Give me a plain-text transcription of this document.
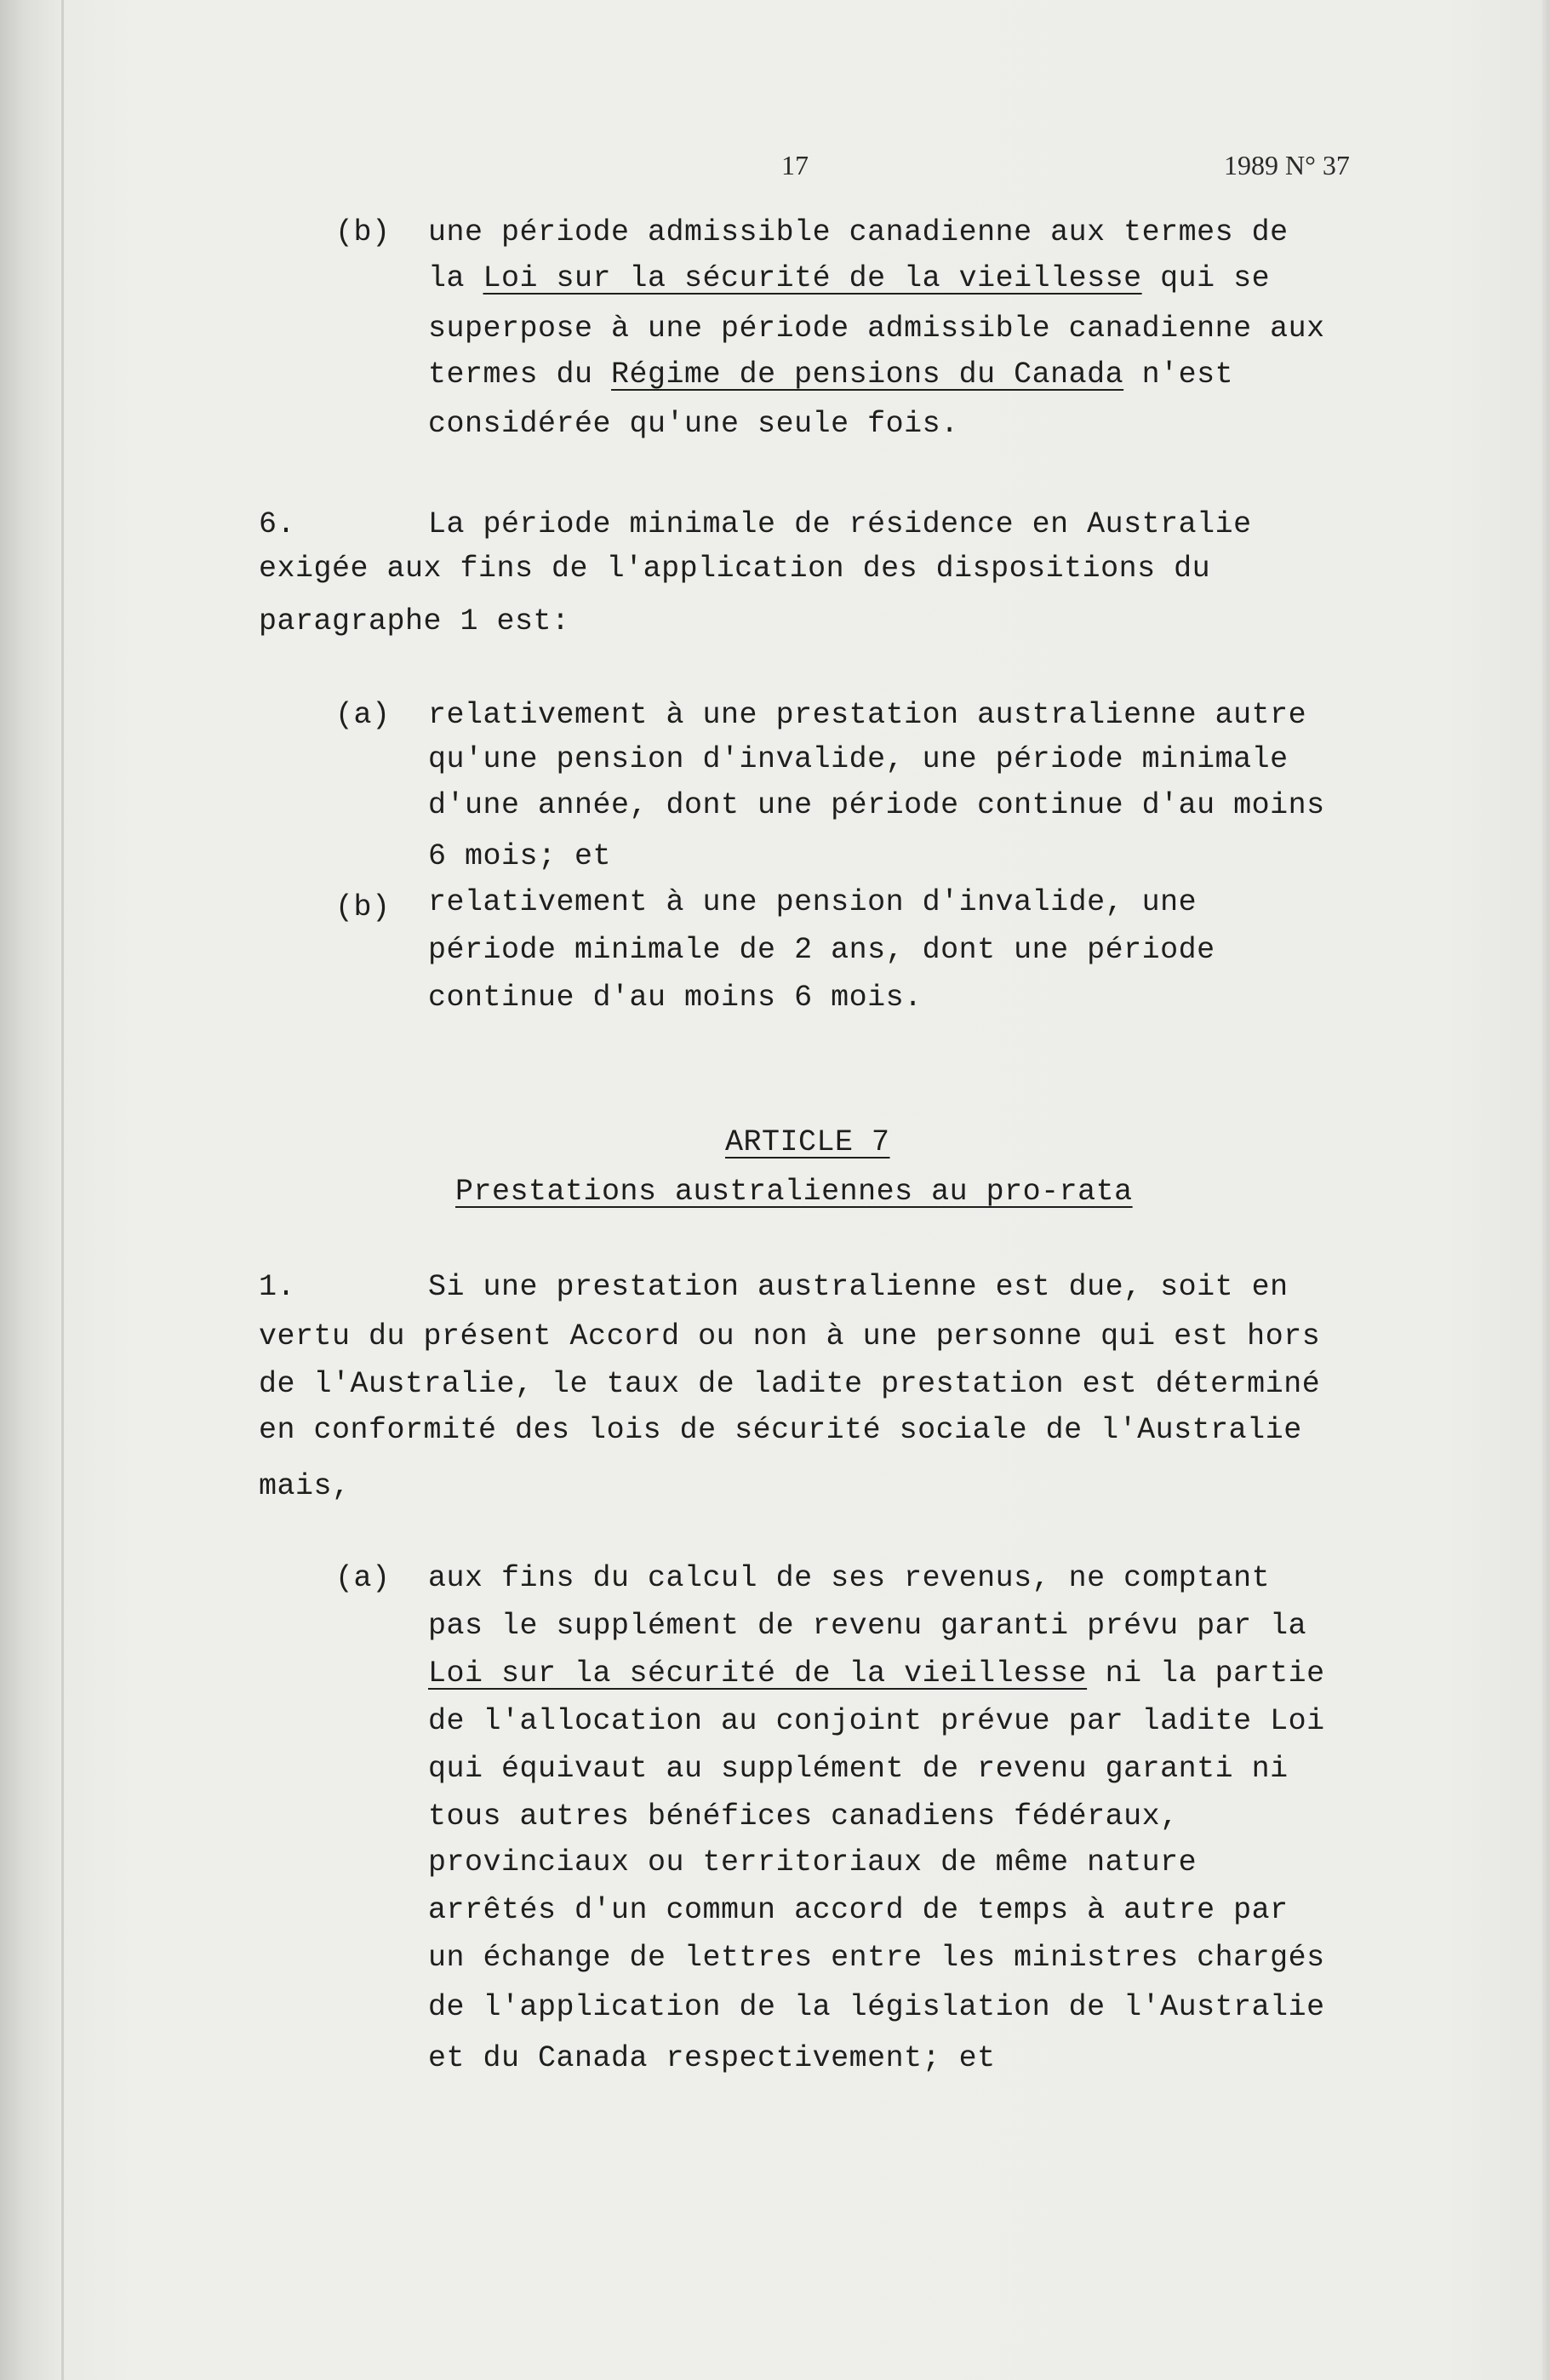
17	1989 N° 37
(b) une période admissible canadienne aux termes de
la Loi sur la sécurité de la vieillesse qui se
superpose à une période admissible canadienne aux
termes du Régime de pensions du Canada n'est
considérée qu'une seule fois.
6.	La période minimale de résidence en Australie
exigée aux fins de l'application des dispositions du
paragraphe 1 est:
(a) relativement à une prestation australienne autre
qu'une pension d'invalide, une période minimale
d'une année, dont une période continue d'au moins
6 mois; et
(b) relativement à une pension d'invalide, une
période minimale de 2 ans, dont une période
continue d'au moins 6 mois.
ARTICLE 7
Prestations australiennes au pro-rata
1.	Si une prestation australienne est due, soit en
vertu du présent Accord ou non à une personne qui est hors
de l'Australie, le taux de ladite prestation est déterminé
en conformité des lois de sécurité sociale de l'Australie
mais,
(a) aux fins du calcul de ses revenus, ne comptant
pas le supplément de revenu garanti prévu par la
Loi sur la sécurité de la vieillesse ni la partie
de l'allocation au conjoint prévue par ladite Loi
qui équivaut au supplément de revenu garanti ni
tous autres bénéfices canadiens fédéraux,
provinciaux ou territoriaux de même nature
arrêtés d'un commun accord de temps à autre par
un échange de lettres entre les ministres chargés
de l'application de la législation de l'Australie
et du Canada respectivement; et
